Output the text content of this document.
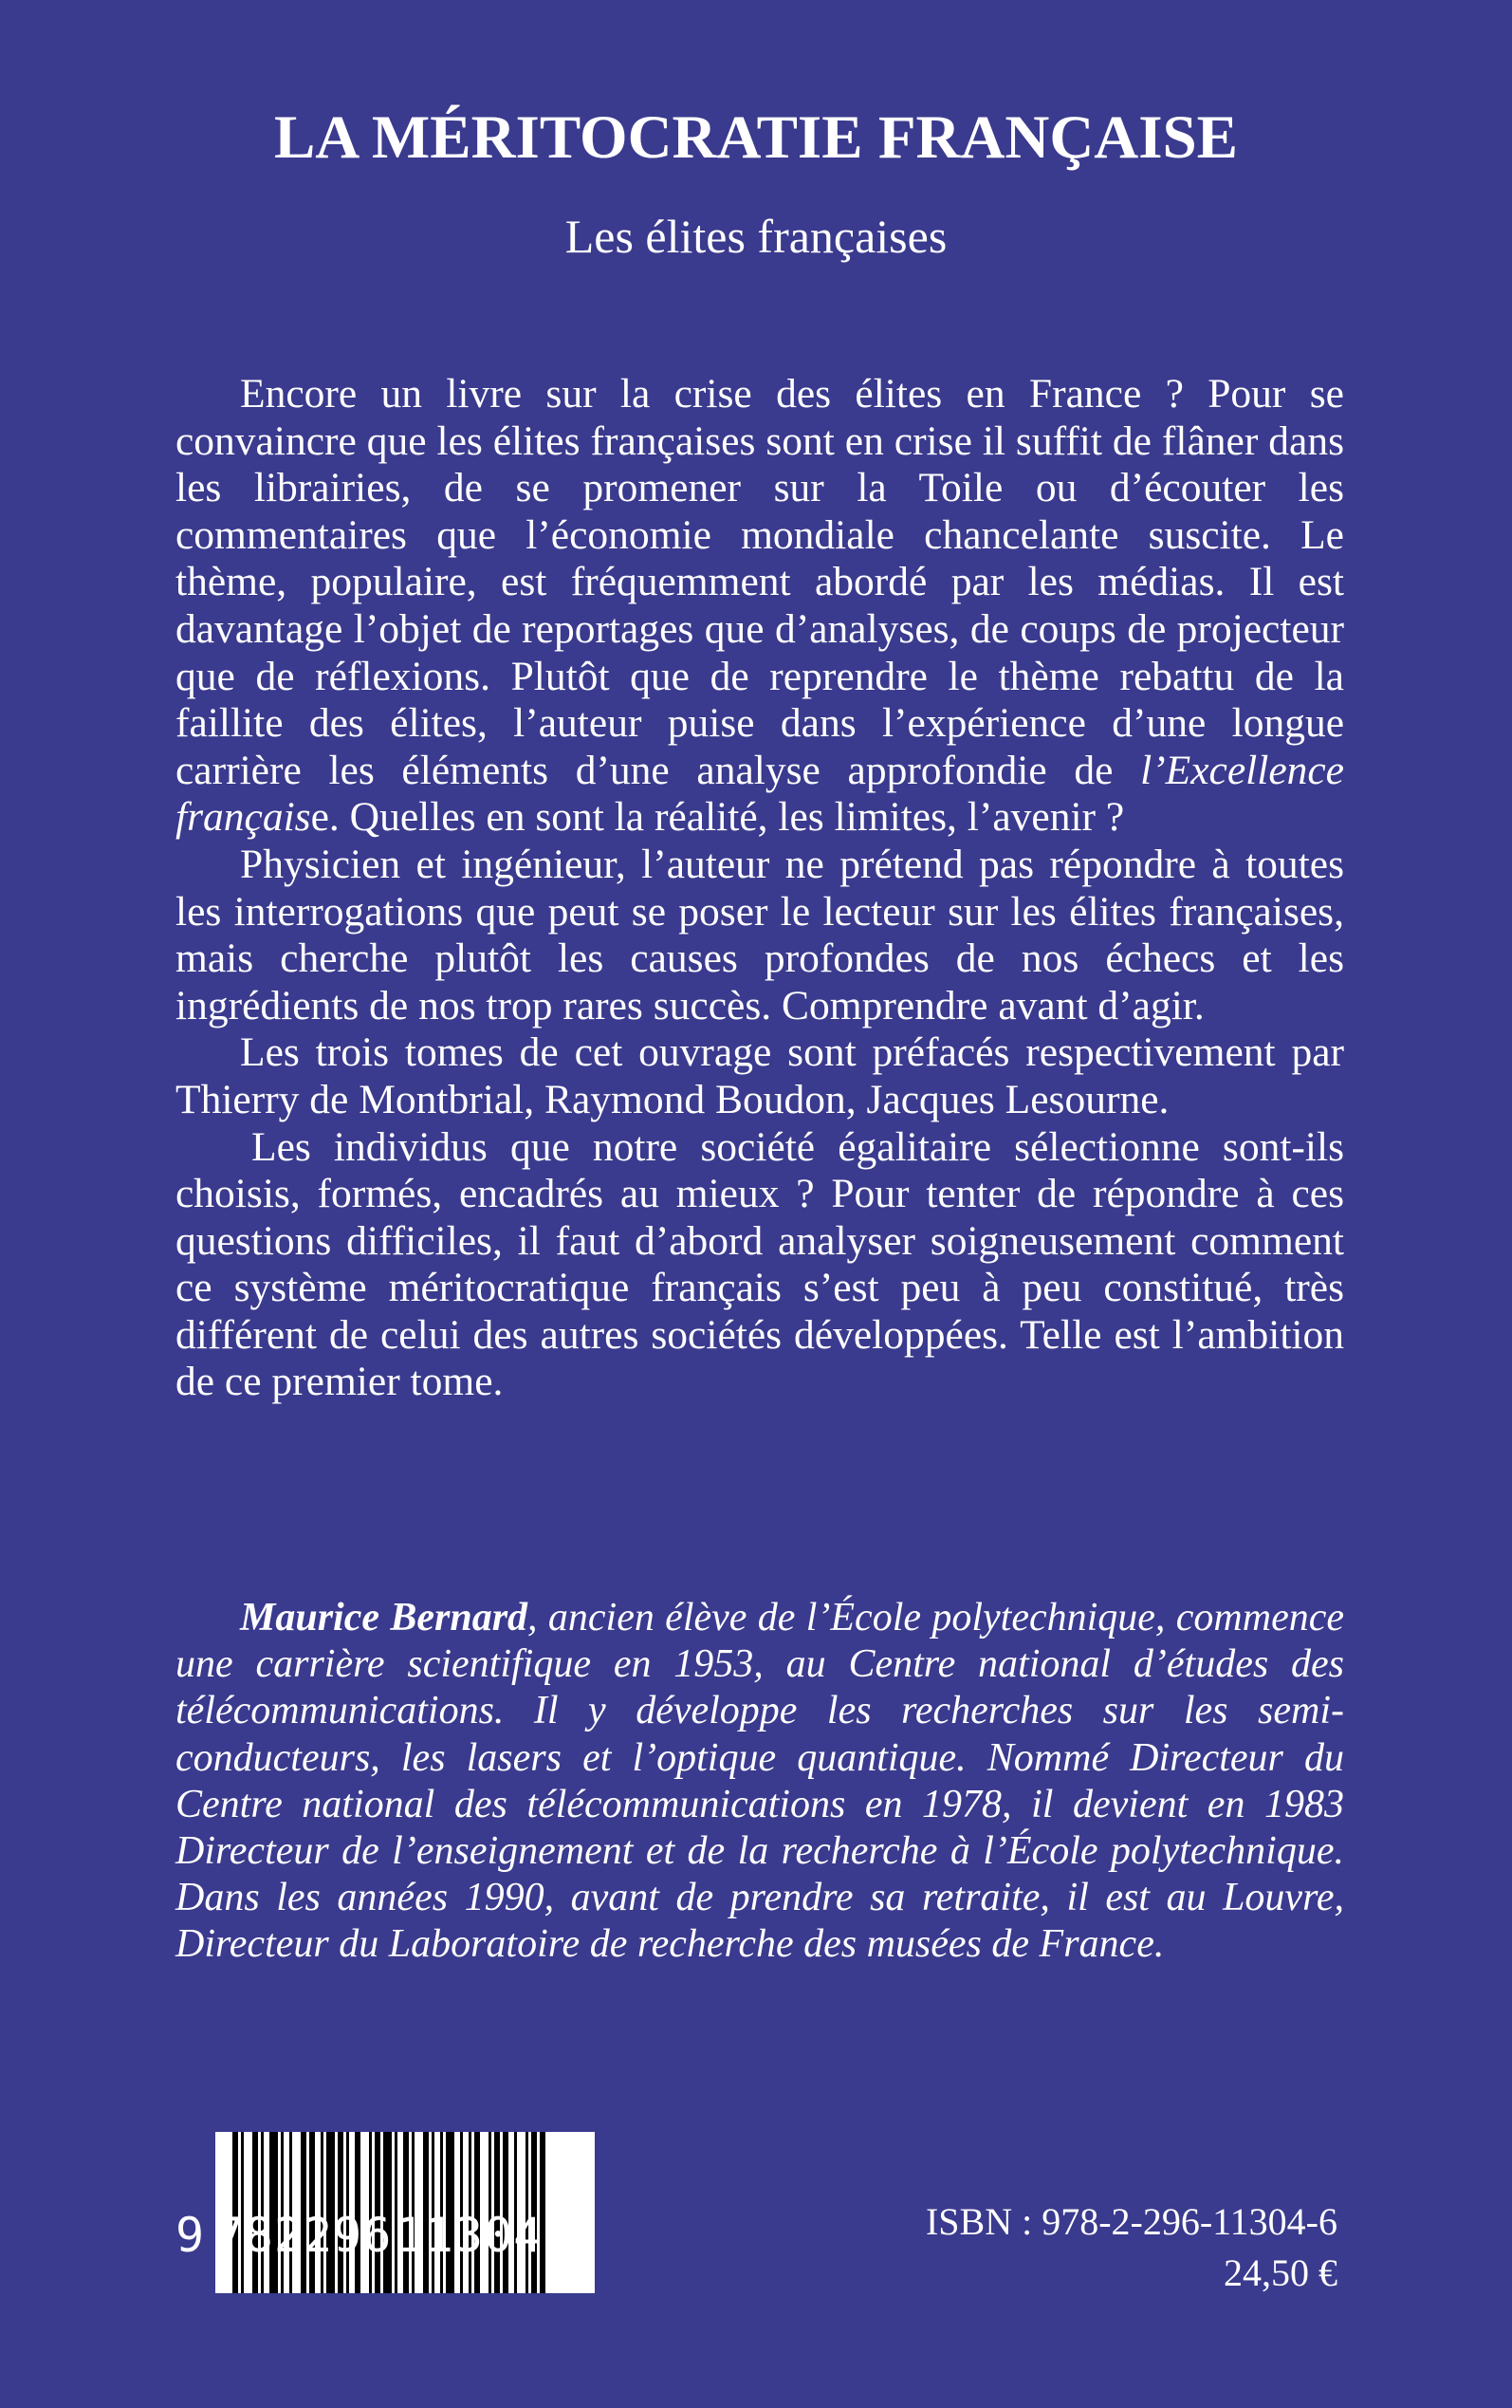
LA MÉRITOCRATIE FRANÇAISE
Les élites françaises

Encore un livre sur la crise des élites en France ? Pour se convaincre que les élites françaises sont en crise il suffit de flâner dans les librairies, de se promener sur la Toile ou d’écouter les commentaires que l’économie mondiale chancelante suscite. Le thème, populaire, est fréquemment abordé par les médias. Il est davantage l’objet de reportages que d’analyses, de coups de projecteur que de réflexions. Plutôt que de reprendre le thème rebattu de la faillite des élites, l’auteur puise dans l’expérience d’une longue carrière les éléments d’une analyse approfondie de l’Excellence française. Quelles en sont la réalité, les limites, l’avenir ?

Physicien et ingénieur, l’auteur ne prétend pas répondre à toutes les interrogations que peut se poser le lecteur sur les élites françaises, mais cherche plutôt les causes profondes de nos échecs et les ingrédients de nos trop rares succès. Comprendre avant d’agir.

Les trois tomes de cet ouvrage sont préfacés respectivement par Thierry de Montbrial, Raymond Boudon, Jacques Lesourne.

Les individus que notre société égalitaire sélectionne sont-ils choisis, formés, encadrés au mieux ? Pour tenter de répondre à ces questions difficiles, il faut d’abord analyser soigneusement comment ce système méritocratique français s’est peu à peu constitué, très différent de celui des autres sociétés développées. Telle est l’ambition de ce premier tome.

Maurice Bernard, ancien élève de l’École polytechnique, commence une carrière scientifique en 1953, au Centre national d’études des télécommunications. Il y développe les recherches sur les semi-conducteurs, les lasers et l’optique quantique. Nommé Directeur du Centre national des télécommunications en 1978, il devient en 1983 Directeur de l’enseignement et de la recherche à l’École polytechnique. Dans les années 1990, avant de prendre sa retraite, il est au Louvre, Directeur du Laboratoire de recherche des musées de France.

9 782296113046	ISBN : 978-2-296-11304-6
24,50 €
